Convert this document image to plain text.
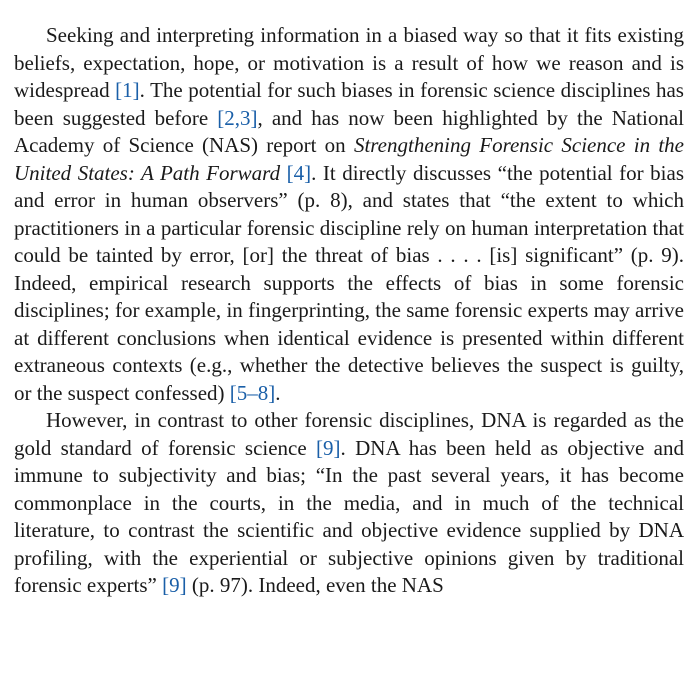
Seeking and interpreting information in a biased way so that it fits existing beliefs, expectation, hope, or motivation is a result of how we reason and is widespread [1]. The potential for such biases in forensic science disciplines has been suggested before [2,3], and has now been highlighted by the National Academy of Science (NAS) report on Strengthening Forensic Science in the United States: A Path Forward [4]. It directly discusses “the potential for bias and error in human observers” (p. 8), and states that “the extent to which practitioners in a particular forensic discipline rely on human interpretation that could be tainted by error, [or] the threat of bias . . . . [is] significant” (p. 9). Indeed, empirical research supports the effects of bias in some forensic disciplines; for example, in fingerprinting, the same forensic experts may arrive at different conclusions when identical evidence is presented within different extraneous contexts (e.g., whether the detective believes the suspect is guilty, or the suspect confessed) [5–8].

However, in contrast to other forensic disciplines, DNA is regarded as the gold standard of forensic science [9]. DNA has been held as objective and immune to subjectivity and bias; “In the past several years, it has become commonplace in the courts, in the media, and in much of the technical literature, to contrast the scientific and objective evidence supplied by DNA profiling, with the experiential or subjective opinions given by traditional forensic experts” [9] (p. 97). Indeed, even the NAS
